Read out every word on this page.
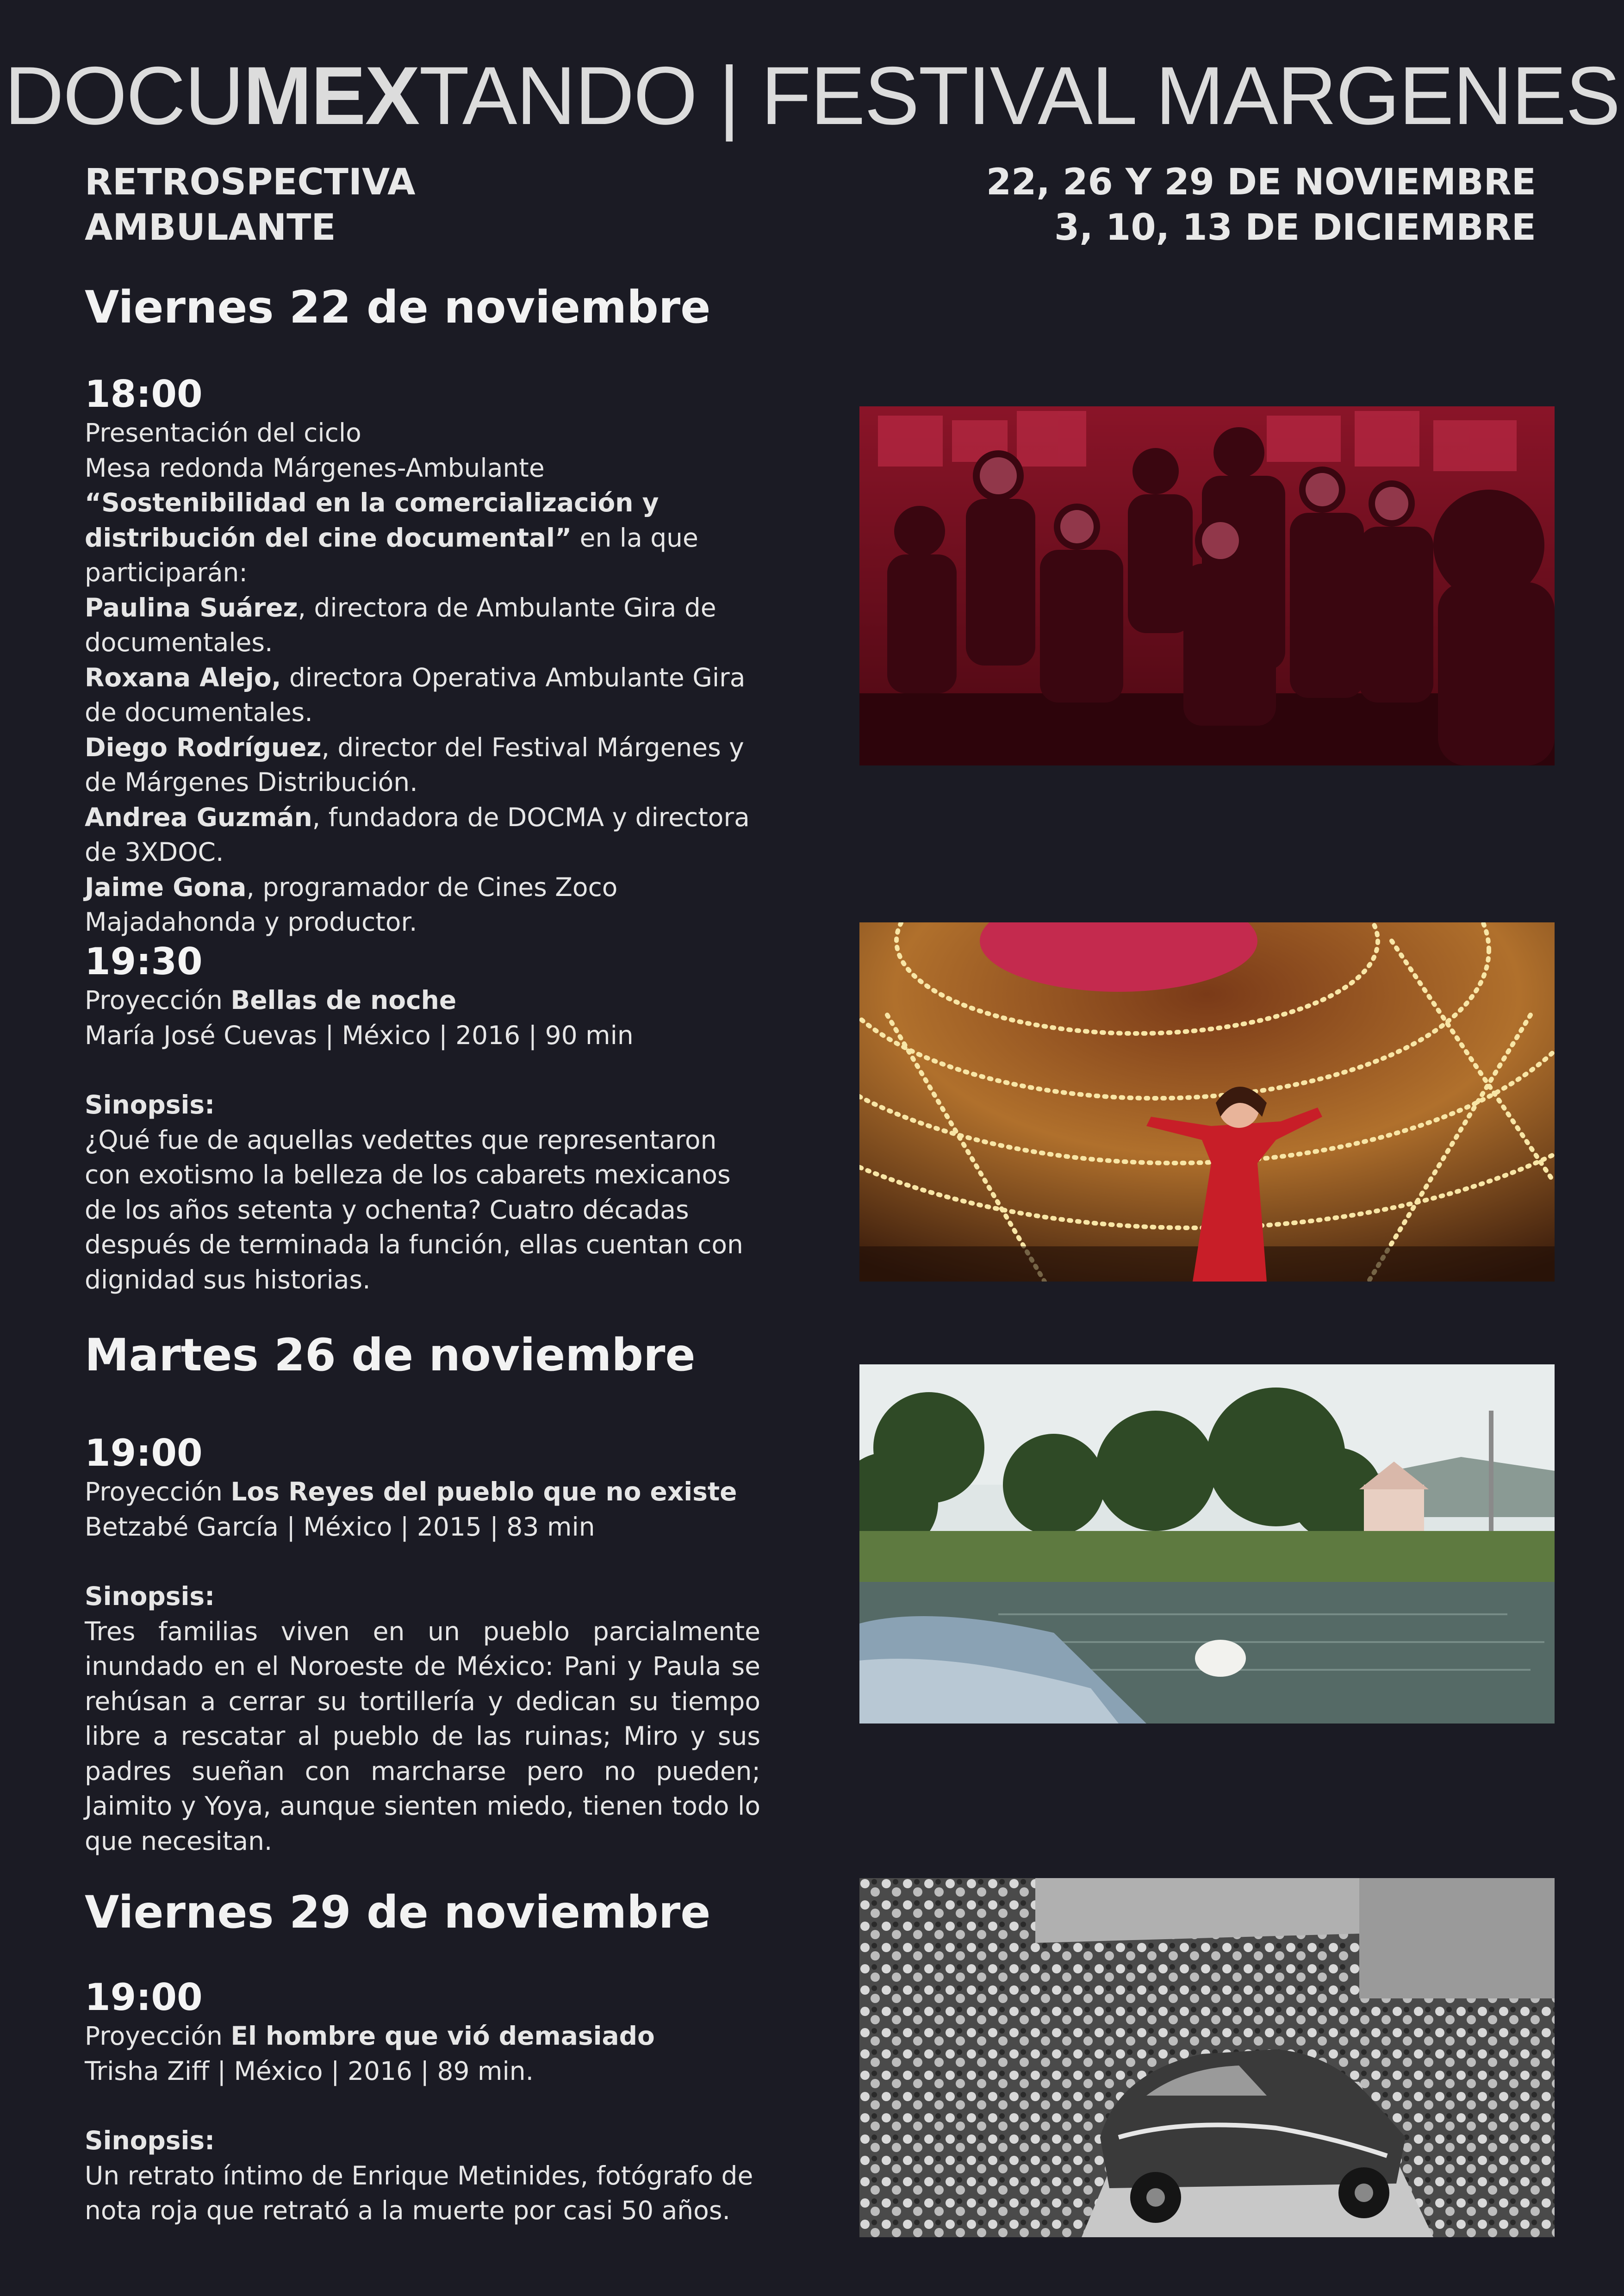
DOCUMEXTANDO | FESTIVAL MARGENES
RETROSPECTIVA
AMBULANTE
22, 26 Y 29 DE NOVIEMBRE
3, 10, 13 DE DICIEMBRE
Viernes 22 de noviembre
18:00
Presentación del ciclo
Mesa redonda Márgenes-Ambulante “Sostenibilidad en la comercialización y distribución del cine documental” en la que participarán:
Paulina Suárez, directora de Ambulante Gira de documentales.
Roxana Alejo, directora Operativa Ambulante Gira de documentales.
Diego Rodríguez, director del Festival Márgenes y de Márgenes Distribución.
Andrea Guzmán, fundadora de DOCMA y directora de 3XDOC.
Jaime Gona, programador de Cines Zoco Majadahonda y productor.
19:30
Proyección Bellas de noche
María José Cuevas | México | 2016 | 90 min
Sinopsis:
¿Qué fue de aquellas vedettes que representaron con exotismo la belleza de los cabarets mexicanos de los años setenta y ochenta? Cuatro décadas después de terminada la función, ellas cuentan con dignidad sus historias.
Martes 26 de noviembre
19:00
Proyección Los Reyes del pueblo que no existe
Betzabé García | México | 2015 | 83 min
Sinopsis:
Tres familias viven en un pueblo parcialmente inundado en el Noroeste de México: Pani y Paula se rehúsan a cerrar su tortillería y dedican su tiempo libre a rescatar al pueblo de las ruinas; Miro y sus padres sueñan con marcharse pero no pueden; Jaimito y Yoya, aunque sienten miedo, tienen todo lo que necesitan.
Viernes 29 de noviembre
19:00
Proyección El hombre que vió demasiado
Trisha Ziff | México | 2016 | 89 min.
Sinopsis:
Un retrato íntimo de Enrique Metinides, fotógrafo de nota roja que retrató a la muerte por casi 50 años.
